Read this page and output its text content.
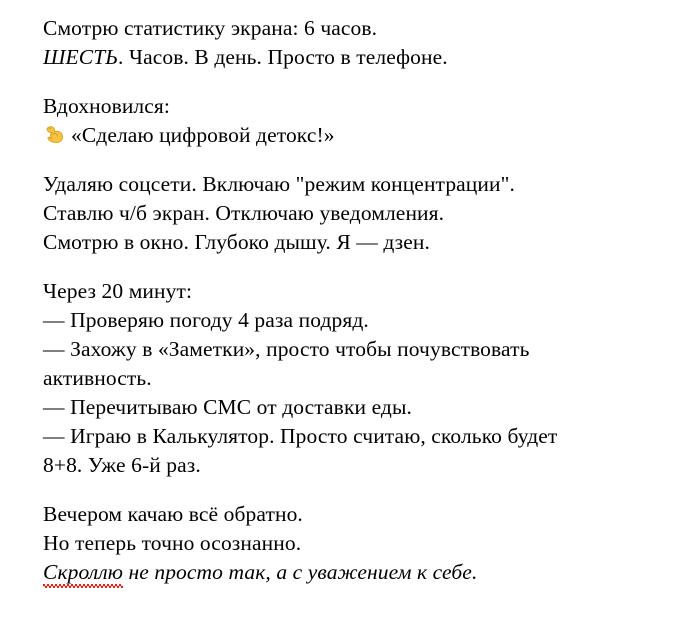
Смотрю статистику экрана: 6 часов.
ШЕСТЬ. Часов. В день. Просто в телефоне.

Вдохновился:
«Сделаю цифровой детокс!»

Удаляю соцсети. Включаю "режим концентрации".
Ставлю ч/б экран. Отключаю уведомления.
Смотрю в окно. Глубоко дышу. Я — дзен.

Через 20 минут:
— Проверяю погоду 4 раза подряд.
— Захожу в «Заметки», просто чтобы почувствовать
активность.
— Перечитываю СМС от доставки еды.
— Играю в Калькулятор. Просто считаю, сколько будет
8+8. Уже 6-й раз.

Вечером качаю всё обратно.
Но теперь точно осознанно.
Скроллю не просто так, а с уважением к себе.
